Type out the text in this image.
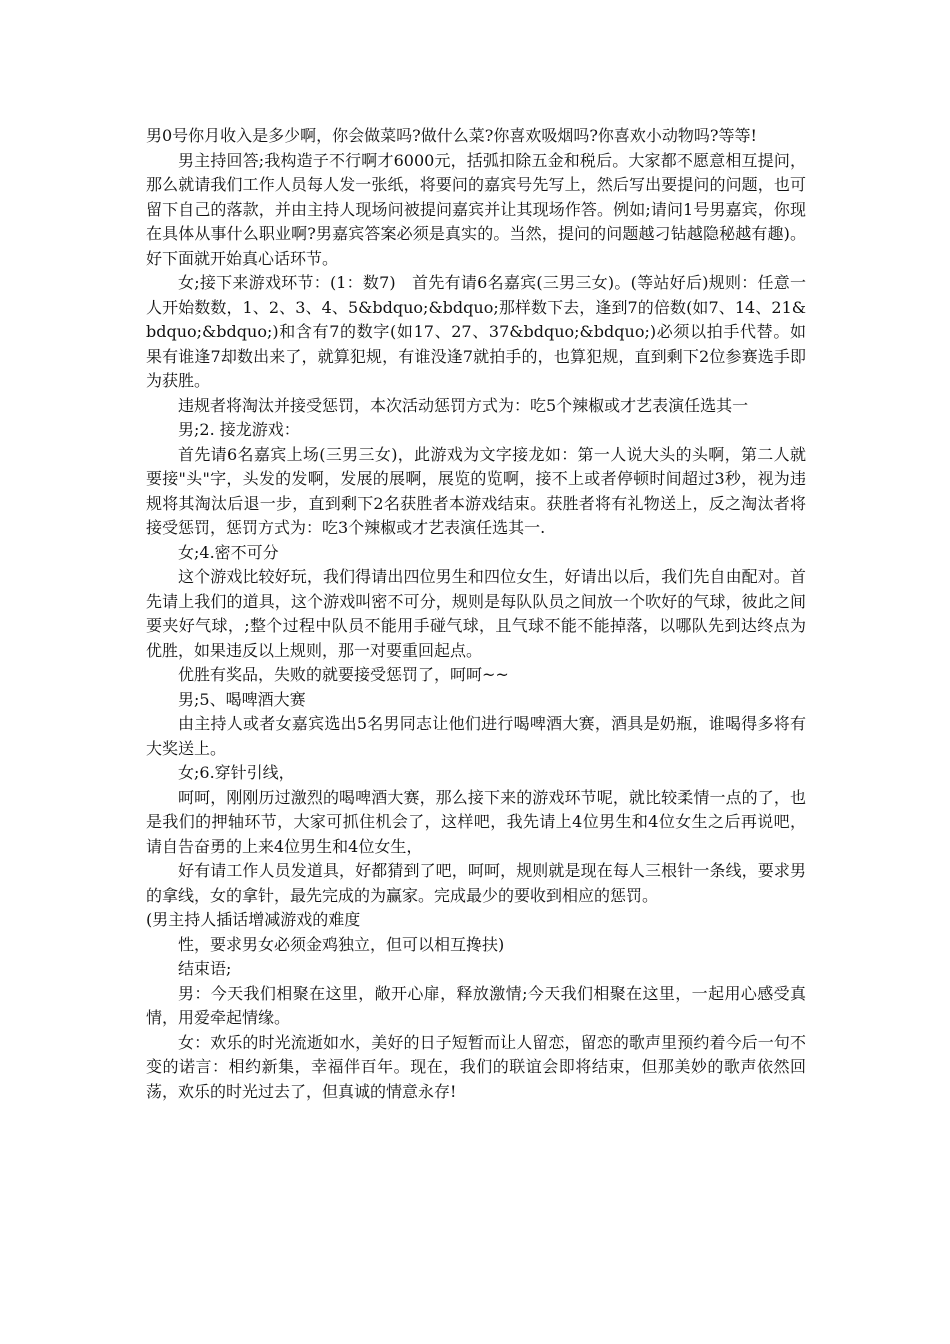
男0号你月收入是多少啊，你会做菜吗?做什么菜?你喜欢吸烟吗?你喜欢小动物吗?等等!

男主持回答;我构造子不行啊才6000元，括弧扣除五金和税后。大家都不愿意相互提问，那么就请我们工作人员每人发一张纸，将要问的嘉宾号先写上，然后写出要提问的问题，也可留下自己的落款，并由主持人现场问被提问嘉宾并让其现场作答。例如;请问1号男嘉宾，你现在具体从事什么职业啊?男嘉宾答案必须是真实的。当然，提问的问题越刁钻越隐秘越有趣)。好下面就开始真心话环节。

女;接下来游戏环节：(1：数7)　首先有请6名嘉宾(三男三女)。(等站好后)规则：任意一人开始数数，1、2、3、4、5&bdquo;&bdquo;那样数下去，逢到7的倍数(如7、14、21&bdquo;&bdquo;)和含有7的数字(如17、27、37&bdquo;&bdquo;)必须以拍手代替。如果有谁逢7却数出来了，就算犯规，有谁没逢7就拍手的，也算犯规，直到剩下2位参赛选手即为获胜。

违规者将淘汰并接受惩罚，本次活动惩罚方式为：吃5个辣椒或才艺表演任选其一

男;2. 接龙游戏：

首先请6名嘉宾上场(三男三女)，此游戏为文字接龙如：第一人说大头的头啊，第二人就要接"头"字，头发的发啊，发展的展啊，展览的览啊，接不上或者停顿时间超过3秒，视为违规将其淘汰后退一步，直到剩下2名获胜者本游戏结束。获胜者将有礼物送上，反之淘汰者将接受惩罚，惩罚方式为：吃3个辣椒或才艺表演任选其一.

女;4.密不可分

这个游戏比较好玩，我们得请出四位男生和四位女生，好请出以后，我们先自由配对。首先请上我们的道具，这个游戏叫密不可分，规则是每队队员之间放一个吹好的气球，彼此之间要夹好气球，;整个过程中队员不能用手碰气球，且气球不能不能掉落，以哪队先到达终点为优胜，如果违反以上规则，那一对要重回起点。

优胜有奖品，失败的就要接受惩罚了，呵呵~~

男;5、喝啤酒大赛

由主持人或者女嘉宾选出5名男同志让他们进行喝啤酒大赛，酒具是奶瓶，谁喝得多将有大奖送上。

女;6.穿针引线，

呵呵，刚刚历过激烈的喝啤酒大赛，那么接下来的游戏环节呢，就比较柔情一点的了，也是我们的押轴环节，大家可抓住机会了，这样吧，我先请上4位男生和4位女生之后再说吧，请自告奋勇的上来4位男生和4位女生，

好有请工作人员发道具，好都猜到了吧，呵呵，规则就是现在每人三根针一条线，要求男的拿线，女的拿针，最先完成的为赢家。完成最少的要收到相应的惩罚。

(男主持人插话增减游戏的难度

性，要求男女必须金鸡独立，但可以相互搀扶)

结束语;

男：今天我们相聚在这里，敞开心扉，释放激情;今天我们相聚在这里，一起用心感受真情，用爱牵起情缘。

女：欢乐的时光流逝如水，美好的日子短暂而让人留恋，留恋的歌声里预约着今后一句不变的诺言：相约新集，幸福伴百年。现在，我们的联谊会即将结束，但那美妙的歌声依然回荡，欢乐的时光过去了，但真诚的情意永存!
